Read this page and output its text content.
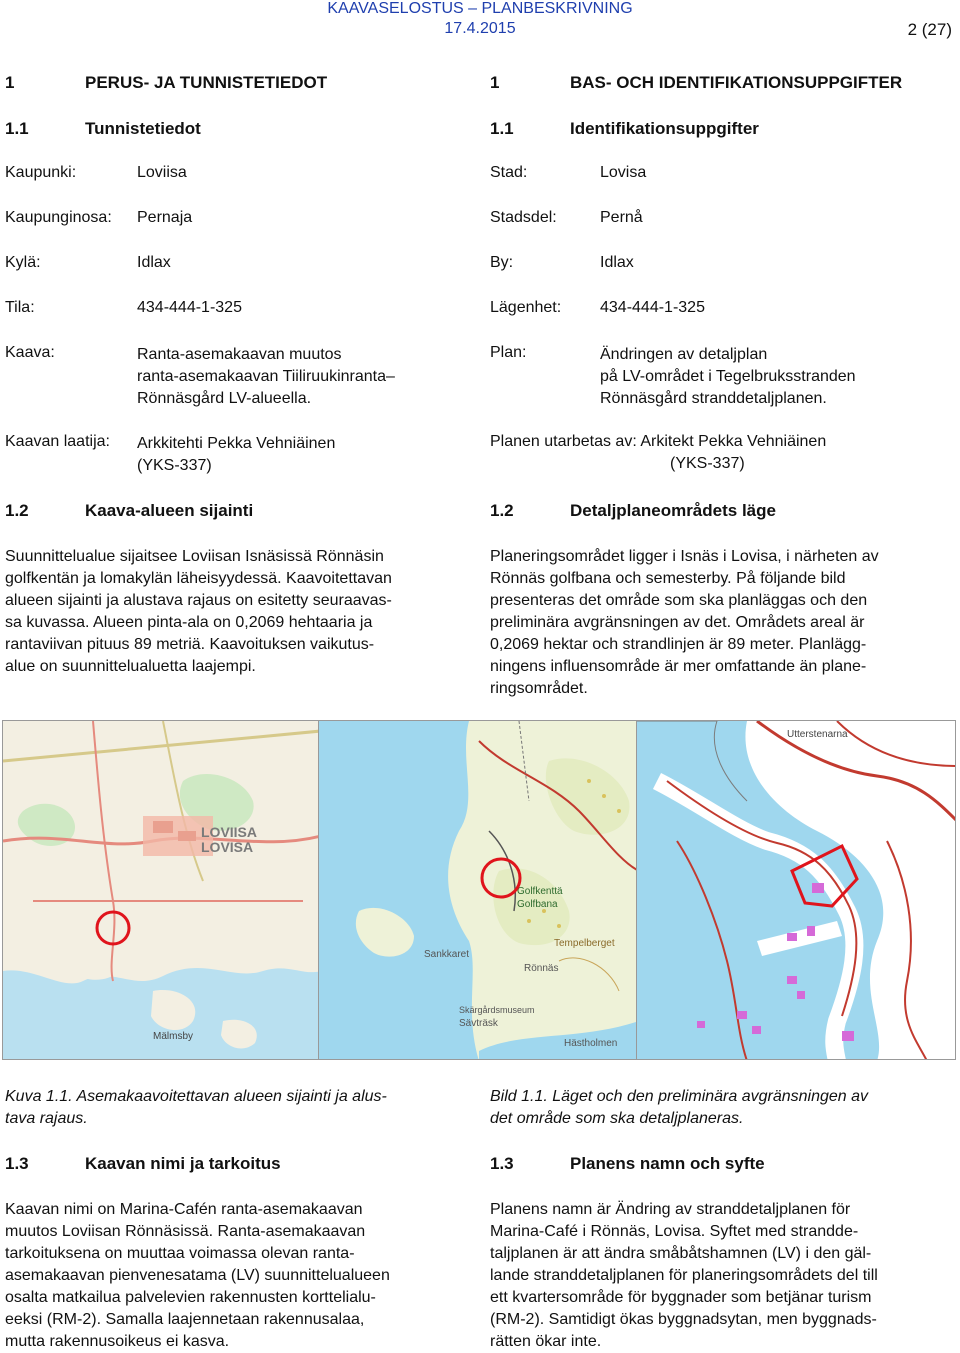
KAAVASELOSTUS – PLANBESKRIVNING
17.4.2015	2 (27)
1	PERUS- JA TUNNISTETIEDOT
1.1	Tunnistetiedot
Kaupunki:	Loviisa
Kaupunginosa: Pernaja
Kylä:	Idlax
Tila:	434-444-1-325
Kaava:	Ranta-asemakaavan muutos
ranta-asemakaavan Tiiliruukinranta–
Rönnäsgård LV-alueella.
Kaavan laatija: Arkkitehti Pekka Vehniäinen
(YKS-337)
1.2	Kaava-alueen sijainti
Suunnittelualue sijaitsee Loviisan Isnäsissä Rönnäsin
golfkentän ja lomakylän läheisyydessä. Kaavoitettavan
alueen sijainti ja alustava rajaus on esitetty seuraavas-
sa kuvassa. Alueen pinta-ala on 0,2069 hehtaaria ja
rantaviivan pituus 89 metriä. Kaavoituksen vaikutus-
alue on suunnittelualuetta laajempi.
1	BAS- OCH IDENTIFIKATIONSUPPGIFTER
1.1	Identifikationsuppgifter
Stad:	Lovisa
Stadsdel:	Pernå
By:	Idlax
Lägenhet: 434-444-1-325
Plan:	Ändringen av detaljplan
på LV-området i Tegelbruksstranden
Rönnäsgård stranddetaljplanen.
Planen utarbetas av: Arkitekt Pekka Vehniäinen
(YKS-337)
1.2	Detaljplaneområdets läge
Planeringsområdet ligger i Isnäs i Lovisa, i närheten av
Rönnäs golfbana och semesterby. På följande bild
presenteras det område som ska planläggas och den
preliminära avgränsningen av det. Områdets areal är
0,2069 hektar och strandlinjen är 89 meter. Planlägg-
ningens influensområde är mer omfattande än plane-
ringsområdet.
LOVIISA
LOVISA
Mälmsby
Golfkenttä
Golfbana
Sankkaret
Rönnäs
Tempelberget
Sävträsk
Hästholmen
Skärgårdsmuseum
Utterstenarna
Kuva 1.1. Asemakaavoitettavan alueen sijainti ja alus-
tava rajaus.
Bild 1.1. Läget och den preliminära avgränsningen av
det område som ska detaljplaneras.
1.3	Kaavan nimi ja tarkoitus	1.3	Planens namn och syfte
Kaavan nimi on Marina-Cafén ranta-asemakaavan
muutos Loviisan Rönnäsissä. Ranta-asemakaavan
tarkoituksena on muuttaa voimassa olevan ranta-
asemakaavan pienvenesatama (LV) suunnittelualueen
osalta matkailua palvelevien rakennusten korttelialu-
eeksi (RM-2). Samalla laajennetaan rakennusalaa,
mutta rakennusoikeus ei kasva.
Planens namn är Ändring av stranddetaljplanen för
Marina-Café i Rönnäs, Lovisa. Syftet med strandde-
taljplanen är att ändra småbåtshamnen (LV) i den gäl-
lande stranddetaljplanen för planeringsområdets del till
ett kvartersområde för byggnader som betjänar turism
(RM-2). Samtidigt ökas byggnadsytan, men byggnads-
rätten ökar inte.
